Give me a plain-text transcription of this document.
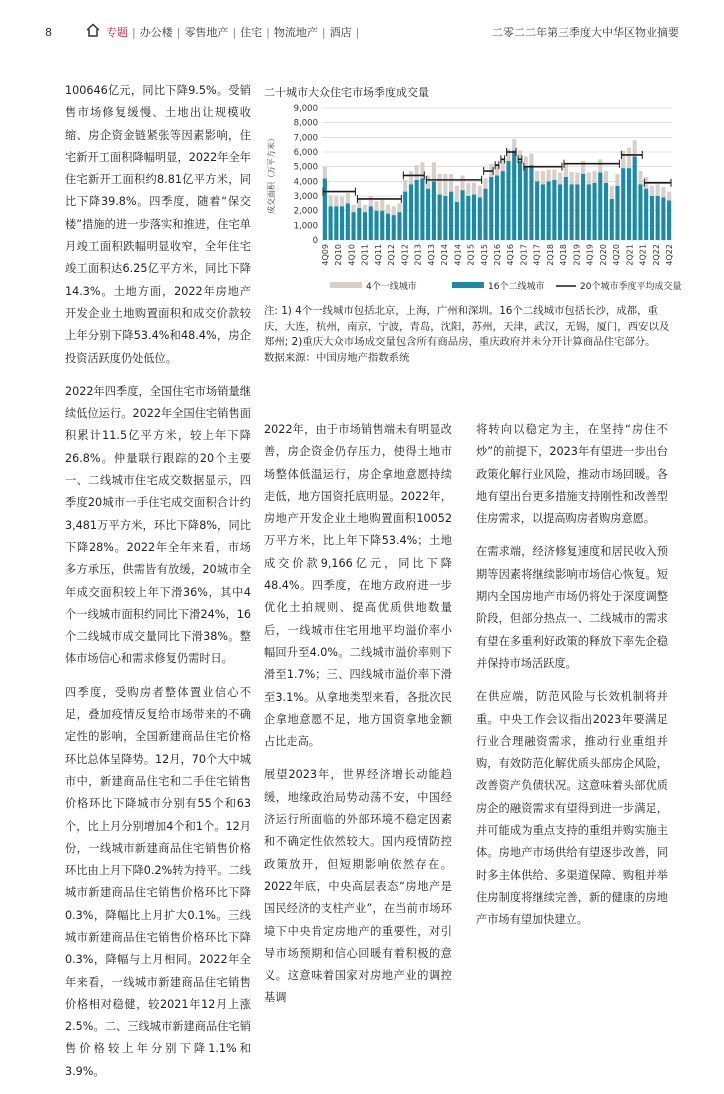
8	专题 | 办公楼 | 零售地产 | 住宅 | 物流地产 | 酒店 |	二零二二年第三季度大中华区物业摘要

100646亿元，同比下降9.5%。受销售市场修复缓慢、土地出让规模收缩、房企资金链紧张等因素影响，住宅新开工面积降幅明显，2022年全年住宅新开工面积约8.81亿平方米，同比下降39.8%。四季度，随着“保交楼”措施的进一步落实和推进，住宅单月竣工面积跌幅明显收窄，全年住宅竣工面积达6.25亿平方米，同比下降14.3%。土地方面，2022年房地产开发企业土地购置面积和成交价款较上年分别下降53.4%和48.4%，房企投资活跃度仍处低位。

2022年四季度，全国住宅市场销量继续低位运行。2022年全国住宅销售面积累计11.5亿平方米，较上年下降26.8%。仲量联行跟踪的20个主要一、二线城市住宅成交数据显示，四季度20城市一手住宅成交面积合计约3,481万平方米，环比下降8%，同比下降28%。2022年全年来看，市场多方承压，供需皆有放缓，20城市全年成交面积较上年下滑36%，其中4个一线城市面积约同比下滑24%，16个二线城市成交量同比下滑38%。整体市场信心和需求修复仍需时日。

四季度，受购房者整体置业信心不足，叠加疫情反复给市场带来的不确定性的影响，全国新建商品住宅价格环比总体呈降势。12月，70个大中城市中，新建商品住宅和二手住宅销售价格环比下降城市分别有55个和63个，比上月分别增加4个和1个。12月份，一线城市新建商品住宅销售价格环比由上月下降0.2%转为持平。二线城市新建商品住宅销售价格环比下降0.3%，降幅比上月扩大0.1%。三线城市新建商品住宅销售价格环比下降0.3%，降幅与上月相同。2022年全年来看，一线城市新建商品住宅销售价格相对稳健，较2021年12月上涨2.5%。二、三线城市新建商品住宅销售价格较上年分别下降1.1%和3.9%。

二十城市大众住宅市场季度成交量
成交面积（万平方米）
0
1,000
2,000
3,000
4,000
5,000
6,000
7,000
8,000
9,000
4Q09 2Q10 4Q10 2Q11 4Q11 2Q12 4Q12 2Q13 4Q13 2Q14 4Q14 2Q15 4Q15 2Q16 4Q16 2Q17 4Q17 2Q18 4Q18 2Q19 4Q19 2Q20 4Q20 2Q21 4Q21 2Q22 4Q22
4个一线城市	16个二线城市	20个城市季度平均成交量

注: 1) 4个一线城市包括北京，上海，广州和深圳。16个二线城市包括长沙，成都，重庆，大连，杭州，南京，宁波，青岛，沈阳，苏州，天津，武汉，无锡，厦门，西安以及郑州; 2)重庆大众市场成交量包含所有商品房，重庆政府并未分开计算商品住宅部分。

数据来源：中国房地产指数系统

2022年，由于市场销售端未有明显改善，房企资金仍存压力，使得土地市场整体低温运行，房企拿地意愿持续走低，地方国资托底明显。2022年，房地产开发企业土地购置面积10052万平方米，比上年下降53.4%；土地成交价款9,166亿元，同比下降48.4%。四季度，在地方政府进一步优化土拍规则、提高优质供地数量后，一线城市住宅用地平均溢价率小幅回升至4.0%。二线城市溢价率则下滑至1.7%；三、四线城市溢价率下滑至3.1%。从拿地类型来看，各批次民企拿地意愿不足，地方国资拿地金额占比走高。

展望2023年，世界经济增长动能趋缓，地缘政治局势动荡不安，中国经济运行所面临的外部环境不稳定因素和不确定性依然较大。国内疫情防控政策放开，但短期影响依然存在。2022年底，中央高层表态“房地产是国民经济的支柱产业”，在当前市场环境下中央肯定房地产的重要性，对引导市场预期和信心回暖有着积极的意义。这意味着国家对房地产业的调控基调

将转向以稳定为主，在坚持“房住不炒”的前提下，2023年有望进一步出台政策化解行业风险，推动市场回暖。各地有望出台更多措施支持刚性和改善型住房需求，以提高购房者购房意愿。

在需求端，经济修复速度和居民收入预期等因素将继续影响市场信心恢复。短期内全国房地产市场仍将处于深度调整阶段，但部分热点一、二线城市的需求有望在多重利好政策的释放下率先企稳并保持市场活跃度。

在供应端，防范风险与长效机制将并重。中央工作会议指出2023年要满足行业合理融资需求，推动行业重组并购，有效防范化解优质头部房企风险，改善资产负债状况。这意味着头部优质房企的融资需求有望得到进一步满足，并可能成为重点支持的重组并购实施主体。房地产市场供给有望逐步改善，同时多主体供给、多渠道保障、购租并举住房制度将继续完善，新的健康的房地产市场有望加快建立。
